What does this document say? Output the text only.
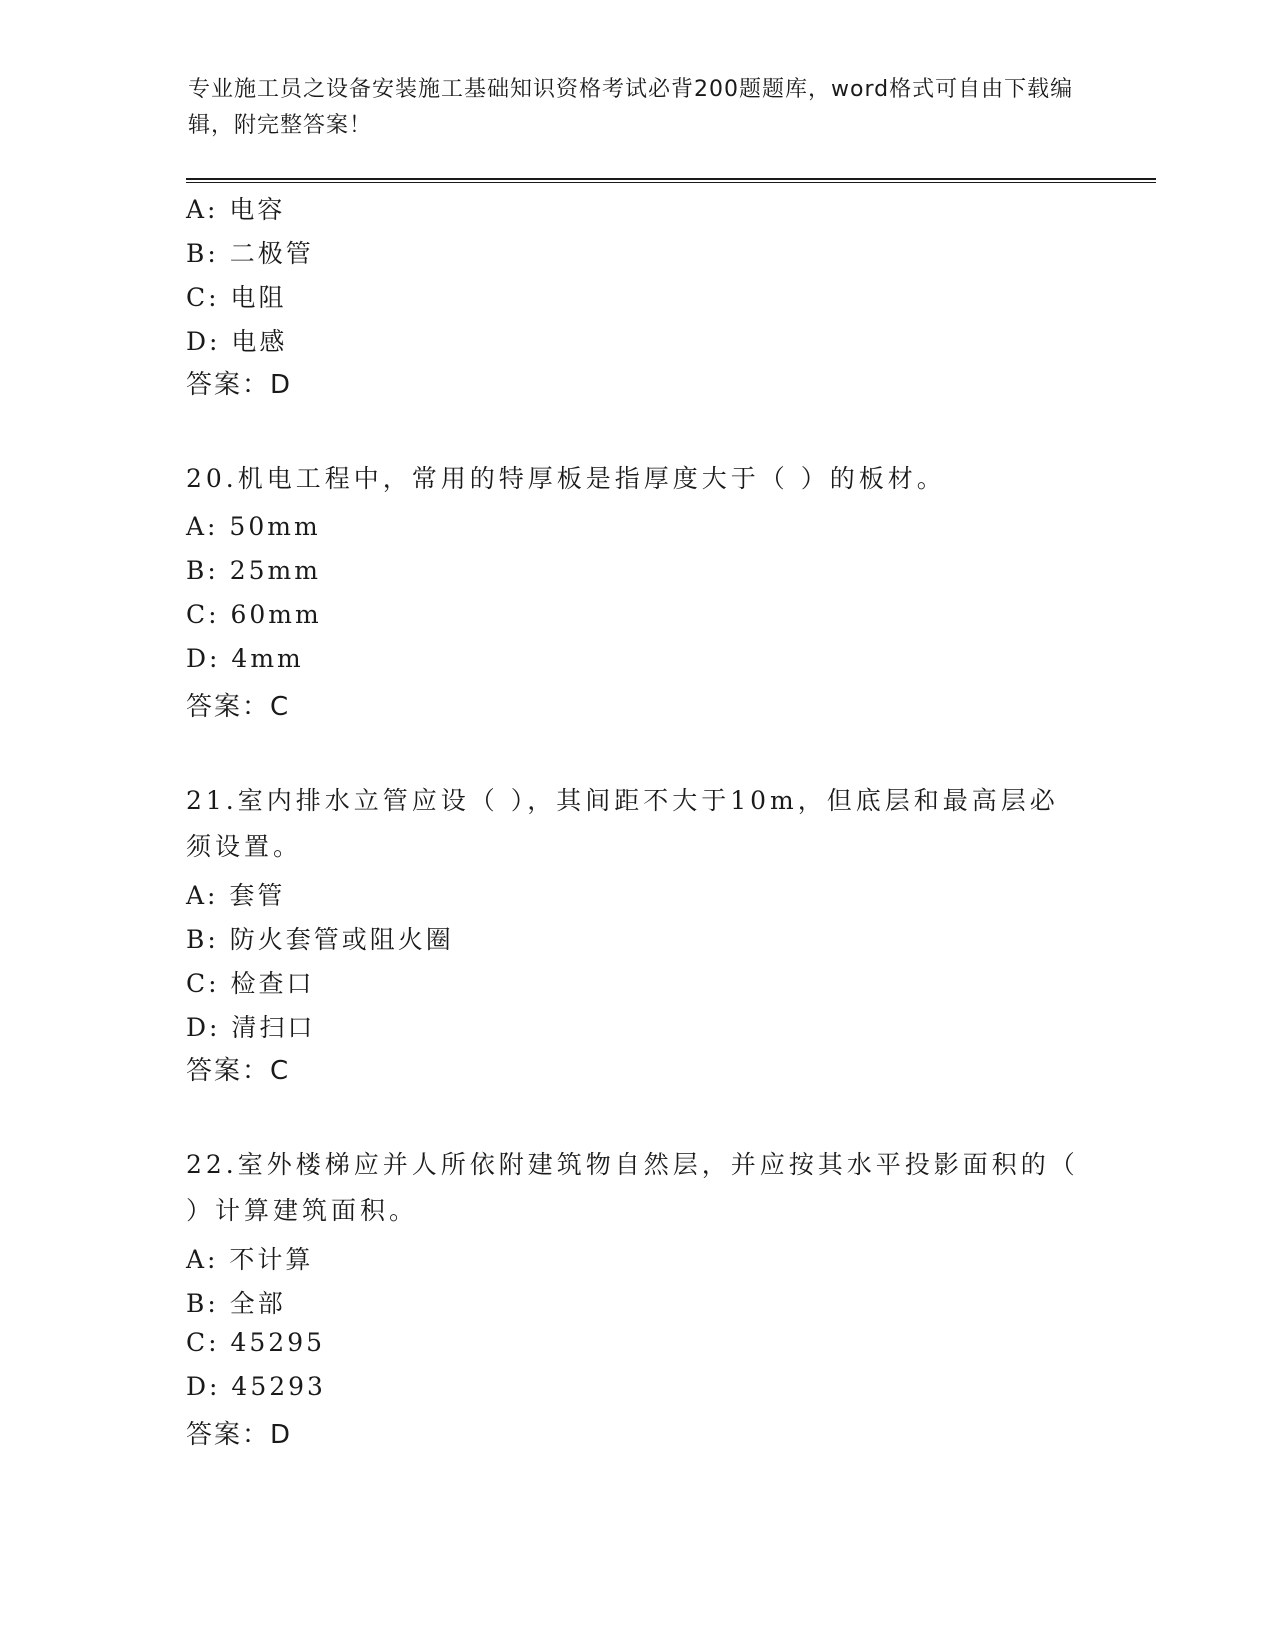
专业施工员之设备安装施工基础知识资格考试必背200题题库，word格式可自由下载编辑，附完整答案！
A: 电容
B: 二极管
C: 电阻
D: 电感
答案：D
20.机电工程中，常用的特厚板是指厚度大于（ ）的板材。
A: 50mm
B: 25mm
C: 60mm
D: 4mm
答案：C
21.室内排水立管应设（ ），其间距不大于10m，但底层和最高层必须设置。
A: 套管
B: 防火套管或阻火圈
C: 检查口
D: 清扫口
答案：C
22.室外楼梯应并人所依附建筑物自然层，并应按其水平投影面积的（ ）计算建筑面积。
A: 不计算
B: 全部
C: 45295
D: 45293
答案：D
